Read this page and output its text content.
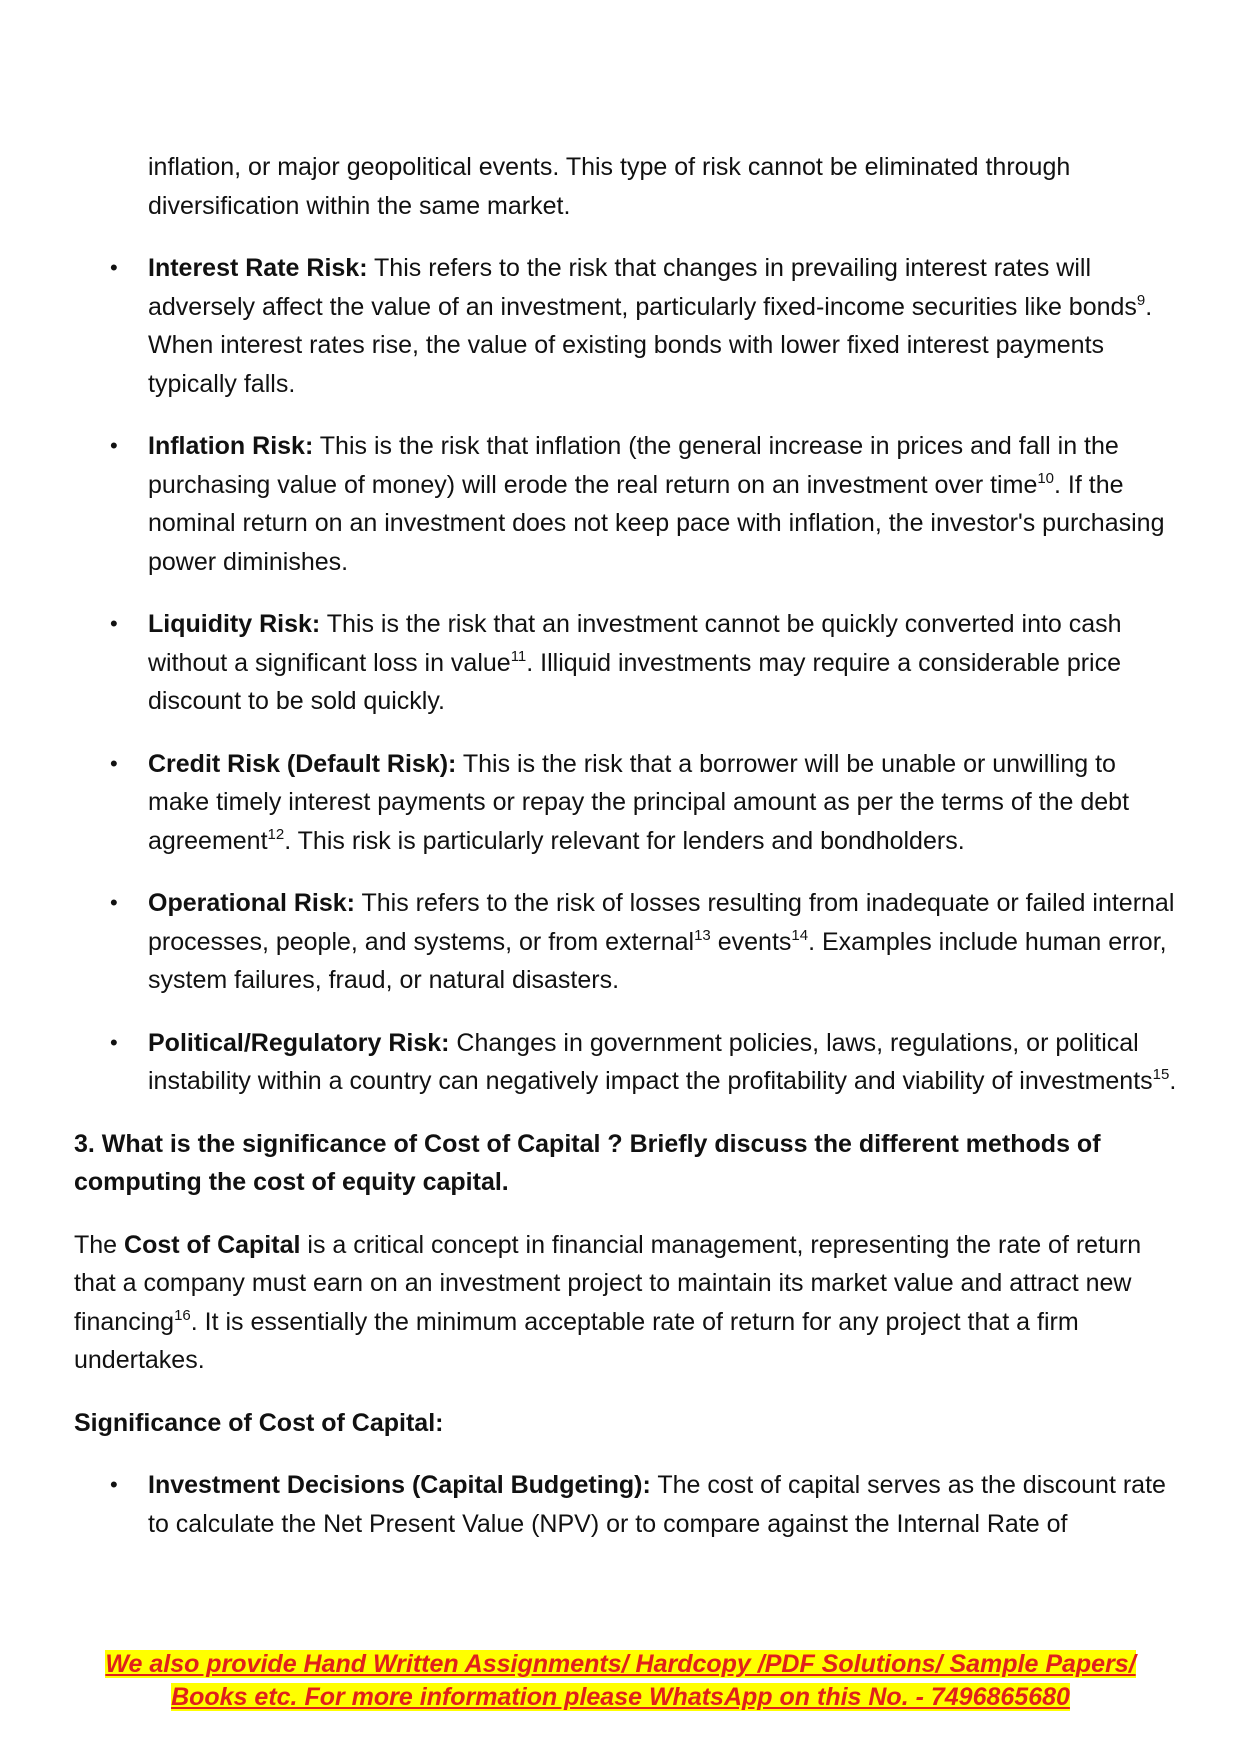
inflation, or major geopolitical events. This type of risk cannot be eliminated through diversification within the same market.
• Interest Rate Risk: This refers to the risk that changes in prevailing interest rates will adversely affect the value of an investment, particularly fixed-income securities like bonds$^9$. When interest rates rise, the value of existing bonds with lower fixed interest payments typically falls.
• Inflation Risk: This is the risk that inflation (the general increase in prices and fall in the purchasing value of money) will erode the real return on an investment over time$^{10}$. If the nominal return on an investment does not keep pace with inflation, the investor's purchasing power diminishes.
• Liquidity Risk: This is the risk that an investment cannot be quickly converted into cash without a significant loss in value$^{11}$. Illiquid investments may require a considerable price discount to be sold quickly.
• Credit Risk (Default Risk): This is the risk that a borrower will be unable or unwilling to make timely interest payments or repay the principal amount as per the terms of the debt agreement$^{12}$. This risk is particularly relevant for lenders and bondholders.
• Operational Risk: This refers to the risk of losses resulting from inadequate or failed internal processes, people, and systems, or from external$^{13}$ events$^{14}$. Examples include human error, system failures, fraud, or natural disasters.
• Political/Regulatory Risk: Changes in government policies, laws, regulations, or political instability within a country can negatively impact the profitability and viability of investments$^{15}$.
3. What is the significance of Cost of Capital ? Briefly discuss the different methods of computing the cost of equity capital.
The Cost of Capital is a critical concept in financial management, representing the rate of return that a company must earn on an investment project to maintain its market value and attract new financing$^{16}$. It is essentially the minimum acceptable rate of return for any project that a firm undertakes.
Significance of Cost of Capital:
• Investment Decisions (Capital Budgeting): The cost of capital serves as the discount rate to calculate the Net Present Value (NPV) or to compare against the Internal Rate of
We also provide Hand Written Assignments/ Hardcopy /PDF Solutions/ Sample Papers/
Books etc. For more information please WhatsApp on this No. - 7496865680
